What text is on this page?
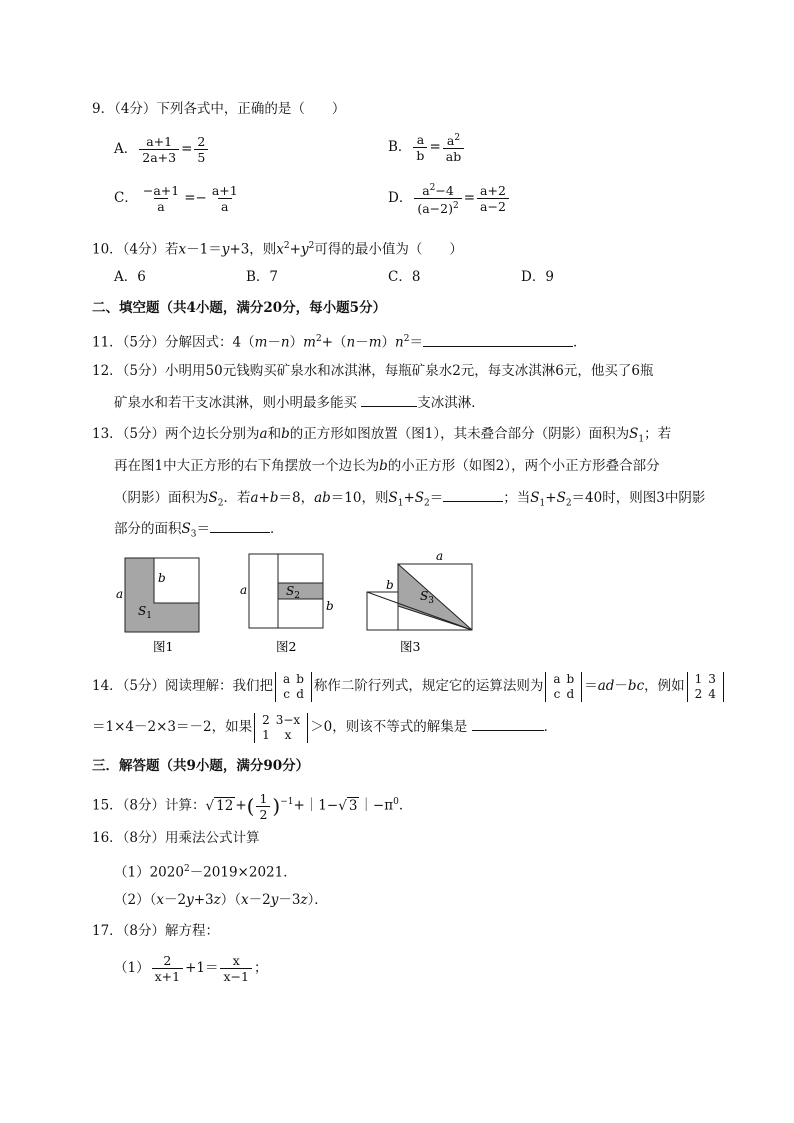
9．（4分）下列各式中，正确的是（　　）
A． $\frac{a+1}{2a+3} = \frac{2}{5}$	B． $\frac{a}{b} = \frac{a^2}{ab}$
C． $\frac{-a+1}{a} =- \frac{a+1}{a}$	D． $\frac{a^2-4}{(a-2)^2} = \frac{a+2}{a-2}$
10．（4分）若x－1＝y+3，则$x^2+y^2$可得的最小值为（　　）
A．6	B．7	C．8	D．9
二、填空题（共4小题，满分20分，每小题5分）
11．（5分）分解因式：$4(m-n)m^2+(n-m)n^2=$	．
12．（5分）小明用50元钱购买矿泉水和冰淇淋，每瓶矿泉水2元，每支冰淇淋6元，他买了6瓶
矿泉水和若干支冰淇淋，则小明最多能买	支冰淇淋．
13．（5分）两个边长分别为a和b的正方形如图放置（图1），其未叠合部分（阴影）面积为$S_1$；若
再在图1中大正方形的右下角摆放一个边长为b的小正方形（如图2），两个小正方形叠合部分
（阴影）面积为$S_2$．若a+b＝8，ab＝10，则$S_1+S_2=$	；当$S_1+S_2=40$时，则图3中阴影
部分的面积$S_3=$	．
a
b
$S_1$
图1
a
b
$S_2$
图2
a
b
$S_3$
图3
14．（5分）阅读理解：我们把 a	b
c	d 称作二阶行列式，规定它的运算法则为 a	b
c	d ＝ad－bc，例如 1	3
2	4
＝1×4－2×3＝－2，如果 2	3−x
1	x ＞0，则该不等式的解集是	．
三．解答题（共9小题，满分90分）
15．（8分）计算：√ 12 +( $\frac{1}{2}$ )$^{-1}$+｜1−√ 3 $|-\pi^0$．
16．（8分）用乘法公式计算
$(1)2020^2-2019\times 2021$．
（2）（x－2y+3z）（x－2y－3z）．
17．（8分）解方程：
$(1) \frac{2}{x+1} +1= \frac{x}{x-1}$ ；
